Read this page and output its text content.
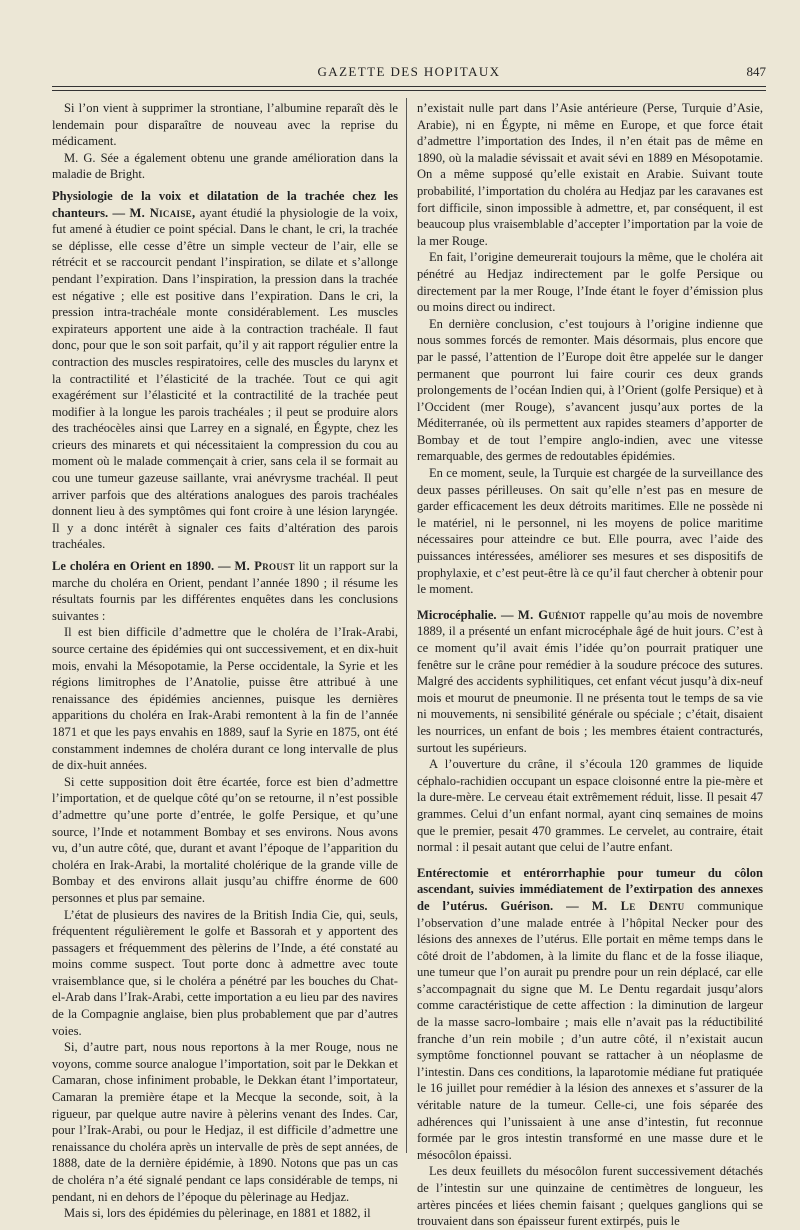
GAZETTE DES HOPITAUX	847

Si l’on vient à supprimer la strontiane, l’albumine reparaît dès le lendemain pour disparaître de nouveau avec la reprise du médicament.

M. G. Sée a également obtenu une grande amélioration dans la maladie de Bright.

Physiologie de la voix et dilatation de la trachée chez les chanteurs. — M. Nicaise, ayant étudié la physiologie de la voix, fut amené à étudier ce point spécial. Dans le chant, le cri, la trachée se déplisse, elle cesse d’être un simple vecteur de l’air, elle se rétrécit et se raccourcit pendant l’inspiration, se dilate et s’allonge pendant l’expiration. Dans l’inspiration, la pression dans la trachée est négative ; elle est positive dans l’expiration. Dans le cri, la pression intra-trachéale monte considérablement. Les muscles expirateurs apportent une aide à la contraction trachéale. Il faut donc, pour que le son soit parfait, qu’il y ait rapport régulier entre la contraction des muscles respiratoires, celle des muscles du larynx et la contractilité et l’élasticité de la trachée. Tout ce qui agit exagérément sur l’élasticité et la contractilité de la trachée peut modifier à la longue les parois trachéales ; il peut se produire alors des trachéocèles ainsi que Larrey en a signalé, en Égypte, chez les crieurs des minarets et qui nécessitaient la compression du cou au moment où le malade commençait à crier, sans cela il se formait au cou une tumeur gazeuse saillante, vrai anévrysme trachéal. Il peut arriver parfois que des altérations analogues des parois trachéales donnent lieu à des symptômes qui font croire à une lésion laryngée. Il y a donc intérêt à signaler ces faits d’altération des parois trachéales.

Le choléra en Orient en 1890. — M. Proust lit un rapport sur la marche du choléra en Orient, pendant l’année 1890 ; il résume les résultats fournis par les différentes enquêtes dans les conclusions suivantes :

Il est bien difficile d’admettre que le choléra de l’Irak-Arabi, source certaine des épidémies qui ont successivement, et en dix-huit mois, envahi la Mésopotamie, la Perse occidentale, la Syrie et les régions limitrophes de l’Anatolie, puisse être attribué à une renaissance des épidémies anciennes, puisque les dernières apparitions du choléra en Irak-Arabi remontent à la fin de l’année 1871 et que les pays envahis en 1889, sauf la Syrie en 1875, ont été constamment indemnes de choléra durant ce long intervalle de plus de dix-huit années.

Si cette supposition doit être écartée, force est bien d’admettre l’importation, et de quelque côté qu’on se retourne, il n’est possible d’admettre qu’une porte d’entrée, le golfe Persique, et qu’une source, l’Inde et notamment Bombay et ses environs. Nous avons vu, d’un autre côté, que, durant et avant l’époque de l’apparition du choléra en Irak-Arabi, la mortalité cholérique de la grande ville de Bombay et des environs allait jusqu’au chiffre énorme de 600 personnes et plus par semaine.

L’état de plusieurs des navires de la British India Cie, qui, seuls, fréquentent régulièrement le golfe et Bassorah et y apportent des passagers et fréquemment des pèlerins de l’Inde, a été constaté au moins comme suspect. Tout porte donc à admettre avec toute vraisemblance que, si le choléra a pénétré par les bouches du Chat-el-Arab dans l’Irak-Arabi, cette importation a eu lieu par des navires de la Compagnie anglaise, bien plus probablement que par d’autres voies.

Si, d’autre part, nous nous reportons à la mer Rouge, nous ne voyons, comme source analogue l’importation, soit par le Dekkan et Camaran, chose infiniment probable, le Dekkan étant l’importateur, Camaran la première étape et la Mecque la seconde, soit, à la rigueur, par quelque autre navire à pèlerins venant des Indes. Car, pour l’Irak-Arabi, ou pour le Hedjaz, il est difficile d’admettre une renaissance du choléra après un intervalle de près de sept années, de 1888, date de la dernière épidémie, à 1890. Notons que pas un cas de choléra n’a été signalé pendant ce laps considérable de temps, ni pendant, ni en dehors de l’époque du pèlerinage au Hedjaz.

Mais si, lors des épidémies du pèlerinage, en 1881 et 1882, il

n’existait nulle part dans l’Asie antérieure (Perse, Turquie d’Asie, Arabie), ni en Égypte, ni même en Europe, et que force était d’admettre l’importation des Indes, il n’en était pas de même en 1890, où la maladie sévissait et avait sévi en 1889 en Mésopotamie. On a même supposé qu’elle existait en Arabie. Suivant toute probabilité, l’importation du choléra au Hedjaz par les caravanes est fort difficile, sinon impossible à admettre, et, par conséquent, il est beaucoup plus vraisemblable d’accepter l’importation par la voie de la mer Rouge.

En fait, l’origine demeurerait toujours la même, que le choléra ait pénétré au Hedjaz indirectement par le golfe Persique ou directement par la mer Rouge, l’Inde étant le foyer d’émission plus ou moins direct ou indirect.

En dernière conclusion, c’est toujours à l’origine indienne que nous sommes forcés de remonter. Mais désormais, plus encore que par le passé, l’attention de l’Europe doit être appelée sur le danger permanent que pourront lui faire courir ces deux grands prolongements de l’océan Indien qui, à l’Orient (golfe Persique) et à l’Occident (mer Rouge), s’avancent jusqu’aux portes de la Méditerranée, où ils permettent aux rapides steamers d’apporter de Bombay et de tout l’empire anglo-indien, avec une vitesse remarquable, des germes de redoutables épidémies.

En ce moment, seule, la Turquie est chargée de la surveillance des deux passes périlleuses. On sait qu’elle n’est pas en mesure de garder efficacement les deux détroits maritimes. Elle ne possède ni le matériel, ni le personnel, ni les moyens de police maritime nécessaires pour atteindre ce but. Elle pourra, avec l’aide des puissances intéressées, améliorer ses mesures et ses dispositifs de prophylaxie, et c’est peut-être là ce qu’il faut chercher à obtenir pour le moment.

Microcéphalie. — M. Guéniot rappelle qu’au mois de novembre 1889, il a présenté un enfant microcéphale âgé de huit jours. C’est à ce moment qu’il avait émis l’idée qu’on pourrait pratiquer une fenêtre sur le crâne pour remédier à la soudure précoce des sutures. Malgré des accidents syphilitiques, cet enfant vécut jusqu’à dix-neuf mois et mourut de pneumonie. Il ne présenta tout le temps de sa vie ni mouvements, ni sensibilité générale ou spéciale ; c’était, disaient les nourrices, un enfant de bois ; les membres étaient contracturés, surtout les supérieurs.

A l’ouverture du crâne, il s’écoula 120 grammes de liquide céphalo-rachidien occupant un espace cloisonné entre la pie-mère et la dure-mère. Le cerveau était extrêmement réduit, lisse. Il pesait 47 grammes. Celui d’un enfant normal, ayant cinq semaines de moins que le premier, pesait 470 grammes. Le cervelet, au contraire, était normal : il pesait autant que celui de l’autre enfant.

Entérectomie et entérorrhaphie pour tumeur du côlon ascendant, suivies immédiatement de l’extirpation des annexes de l’utérus. Guérison. — M. Le Dentu communique l’observation d’une malade entrée à l’hôpital Necker pour des lésions des annexes de l’utérus. Elle portait en même temps dans le côté droit de l’abdomen, à la limite du flanc et de la fosse iliaque, une tumeur que l’on aurait pu prendre pour un rein déplacé, car elle s’accompagnait du signe que M. Le Dentu regardait jusqu’alors comme caractéristique de cette affection : la diminution de largeur de la masse sacro-lombaire ; mais elle n’avait pas la réductibilité franche d’un rein mobile ; d’un autre côté, il n’existait aucun symptôme fonctionnel pouvant se rattacher à un néoplasme de l’intestin. Dans ces conditions, la laparotomie médiane fut pratiquée le 16 juillet pour remédier à la lésion des annexes et s’assurer de la véritable nature de la tumeur. Celle-ci, une fois séparée des adhérences qui l’unissaient à une anse d’intestin, fut reconnue formée par le gros intestin transformé en une masse dure et le mésocôlon épaissi.

Les deux feuillets du mésocôlon furent successivement détachés de l’intestin sur une quinzaine de centimètres de longueur, les artères pincées et liées chemin faisant ; quelques ganglions qui se trouvaient dans son épaisseur furent extirpés, puis le
